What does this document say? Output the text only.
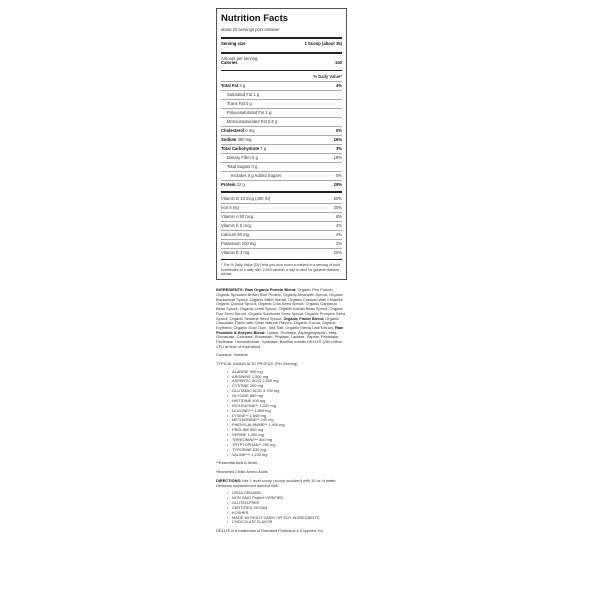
Nutrition Facts
about 20 servings per container
Serving size	1 Scoop (about 35)
Amount per serving
Calories	140
% Daily Value*
Total Fat 3 g	4%
Saturated Fat 1 g
Trans Fat 0 g
Polyunsaturated Fat 1 g
Monounsaturated Fat 0.5 g
Cholesterol 0 mg	0%
Sodium 360 mg	16%
Total Carbohydrate 7 g	3%
Dietary Fiber 5 g	18%
Total Sugars 0 g
Includes 0 g Added Sugars	0%
Protein 22 g	29%
Vitamin D 10 mcg (400 IU)	50%
Iron 6 mg	30%
Vitamin A 50 mcg	6%
Vitamin K 5 mcg	4%
Calcium 50 mg	4%
Potassium 100 mg	2%
Vitamin E 3 mg	20%
* The % Daily Value (DV) tells you how much a nutrient in a serving of food contributes to a daily diet. 2,000 calories a day is used for general nutrition advice.

INGREDIENTS: Raw Organic Protein Blend: Organic Pea Protein, Organic Sprouted Brown Rice Protein, Organic Amaranth Sprout, Organic Buckwheat Sprout, Organic Millet Sprout, Organic Cracked Wall Chlorella, Organic Quinoa Sprout, Organic Chia Seed Sprout, Organic Garbanzo Bean Sprout, Organic Lentil Sprout, Organic Adzuki Bean Sprout, Organic Flax Seed Sprout, Organic Sunflower Seed Sprout, Organic Pumpkin Seed Sprout, Organic Sesame Seed Sprout, Organic Flavor Blend: Organic Chocolate Flavor with Other Natural Flavors, Organic Cocoa, Organic Erythritol, Organic Guar Gum, Sea Salt, Organic Stevia Leaf Extract, Raw Probiotic & Enzyme Blend: Lipase, Protease, Aspergillopepsin, beta-Glucanase, Cellulase, Bromelain, Phytase, Lactase, Papain, Peptidase, Pectinase, Hemicellulase, Xylanase, Bacillus subtilis DE111® (250 million CFU at time of expiration).

Contains: Sesame

TYPICAL AMINO ACID PROFILE (Per Serving)

• ALANINE 900 mg
• ARGININE 1,500 mg
• ASPARTIC ACID 2,500 mg
• CYSTINE 200 mg
• GLUTAMIC ACID 3,700 mg
• GLYCINE 850 mg
• HISTIDINE 400 mg
• ISOLEUCINE** 1,020 mg
• LEUCINE*** 1,800 mg
• LYSINE** 1,600 mg
• METHIONINE** 240 mg
• PHENYLALANINE** 1,400 mg
• PROLINE 850 mg
• SERINE 1,300 mg
• THREONINE** 800 mg
• TRYPTOPHAN** 200 mg
• TYROSINE 830 mg
• VALINE*** 1,100 mg

**Essential Amino Acids

*Branched Chain Amino Acids

DIRECTIONS: Mix 1 level scoop (scoop included) with 10 oz of water. Delicious unsweetened almond milk.

• USDA ORGANIC
• NON GMO Project VERIFIED
• GLUTEN-FREE
• CERTIFIED VEGAN
• KOSHER
• MADE WITHOUT DAIRY OR SOY INGREDIENTS
• CHOCOLATE FLAVOR

DE111® is a trademark of Deerland Probiotics & Enzymes, Inc.
